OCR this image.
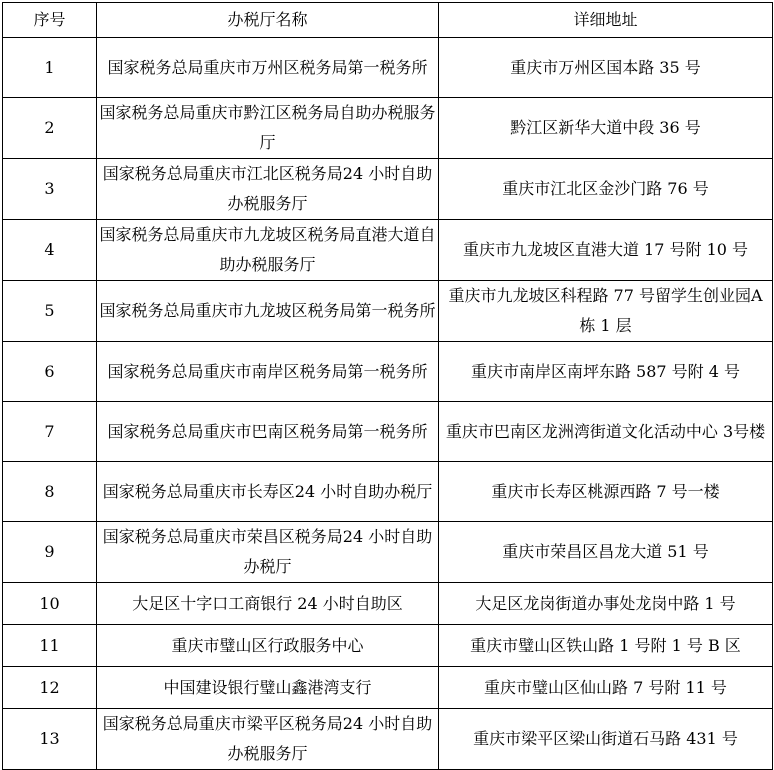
序号	办税厅名称	详细地址
1	国家税务总局重庆市万州区税务局第一税务所	重庆市万州区国本路 35 号

2	国家税务总局重庆市黔江区税务局自助办税服务厅	黔江区新华大道中段 36 号

3	国家税务总局重庆市江北区税务局24 小时自助办税服务厅	重庆市江北区金沙门路 76 号

4	国家税务总局重庆市九龙坡区税务局直港大道自助办税服务厅	重庆市九龙坡区直港大道 17 号附 10 号

5	国家税务总局重庆市九龙坡区税务局第一税务所	重庆市九龙坡区科程路 77 号留学生创业园A 栋 1 层

6	国家税务总局重庆市南岸区税务局第一税务所	重庆市南岸区南坪东路 587 号附 4 号

7	国家税务总局重庆市巴南区税务局第一税务所	重庆市巴南区龙洲湾街道文化活动中心 3号楼

8	国家税务总局重庆市长寿区24 小时自助办税厅	重庆市长寿区桃源西路 7 号一楼

9	国家税务总局重庆市荣昌区税务局24 小时自助办税厅	重庆市荣昌区昌龙大道 51 号

10	大足区十字口工商银行 24 小时自助区	大足区龙岗街道办事处龙岗中路 1 号

11	重庆市璧山区行政服务中心	重庆市璧山区铁山路 1 号附 1 号 B 区

12	中国建设银行璧山鑫港湾支行	重庆市璧山区仙山路 7 号附 11 号

13	国家税务总局重庆市梁平区税务局24 小时自助办税服务厅	重庆市梁平区梁山街道石马路 431 号
